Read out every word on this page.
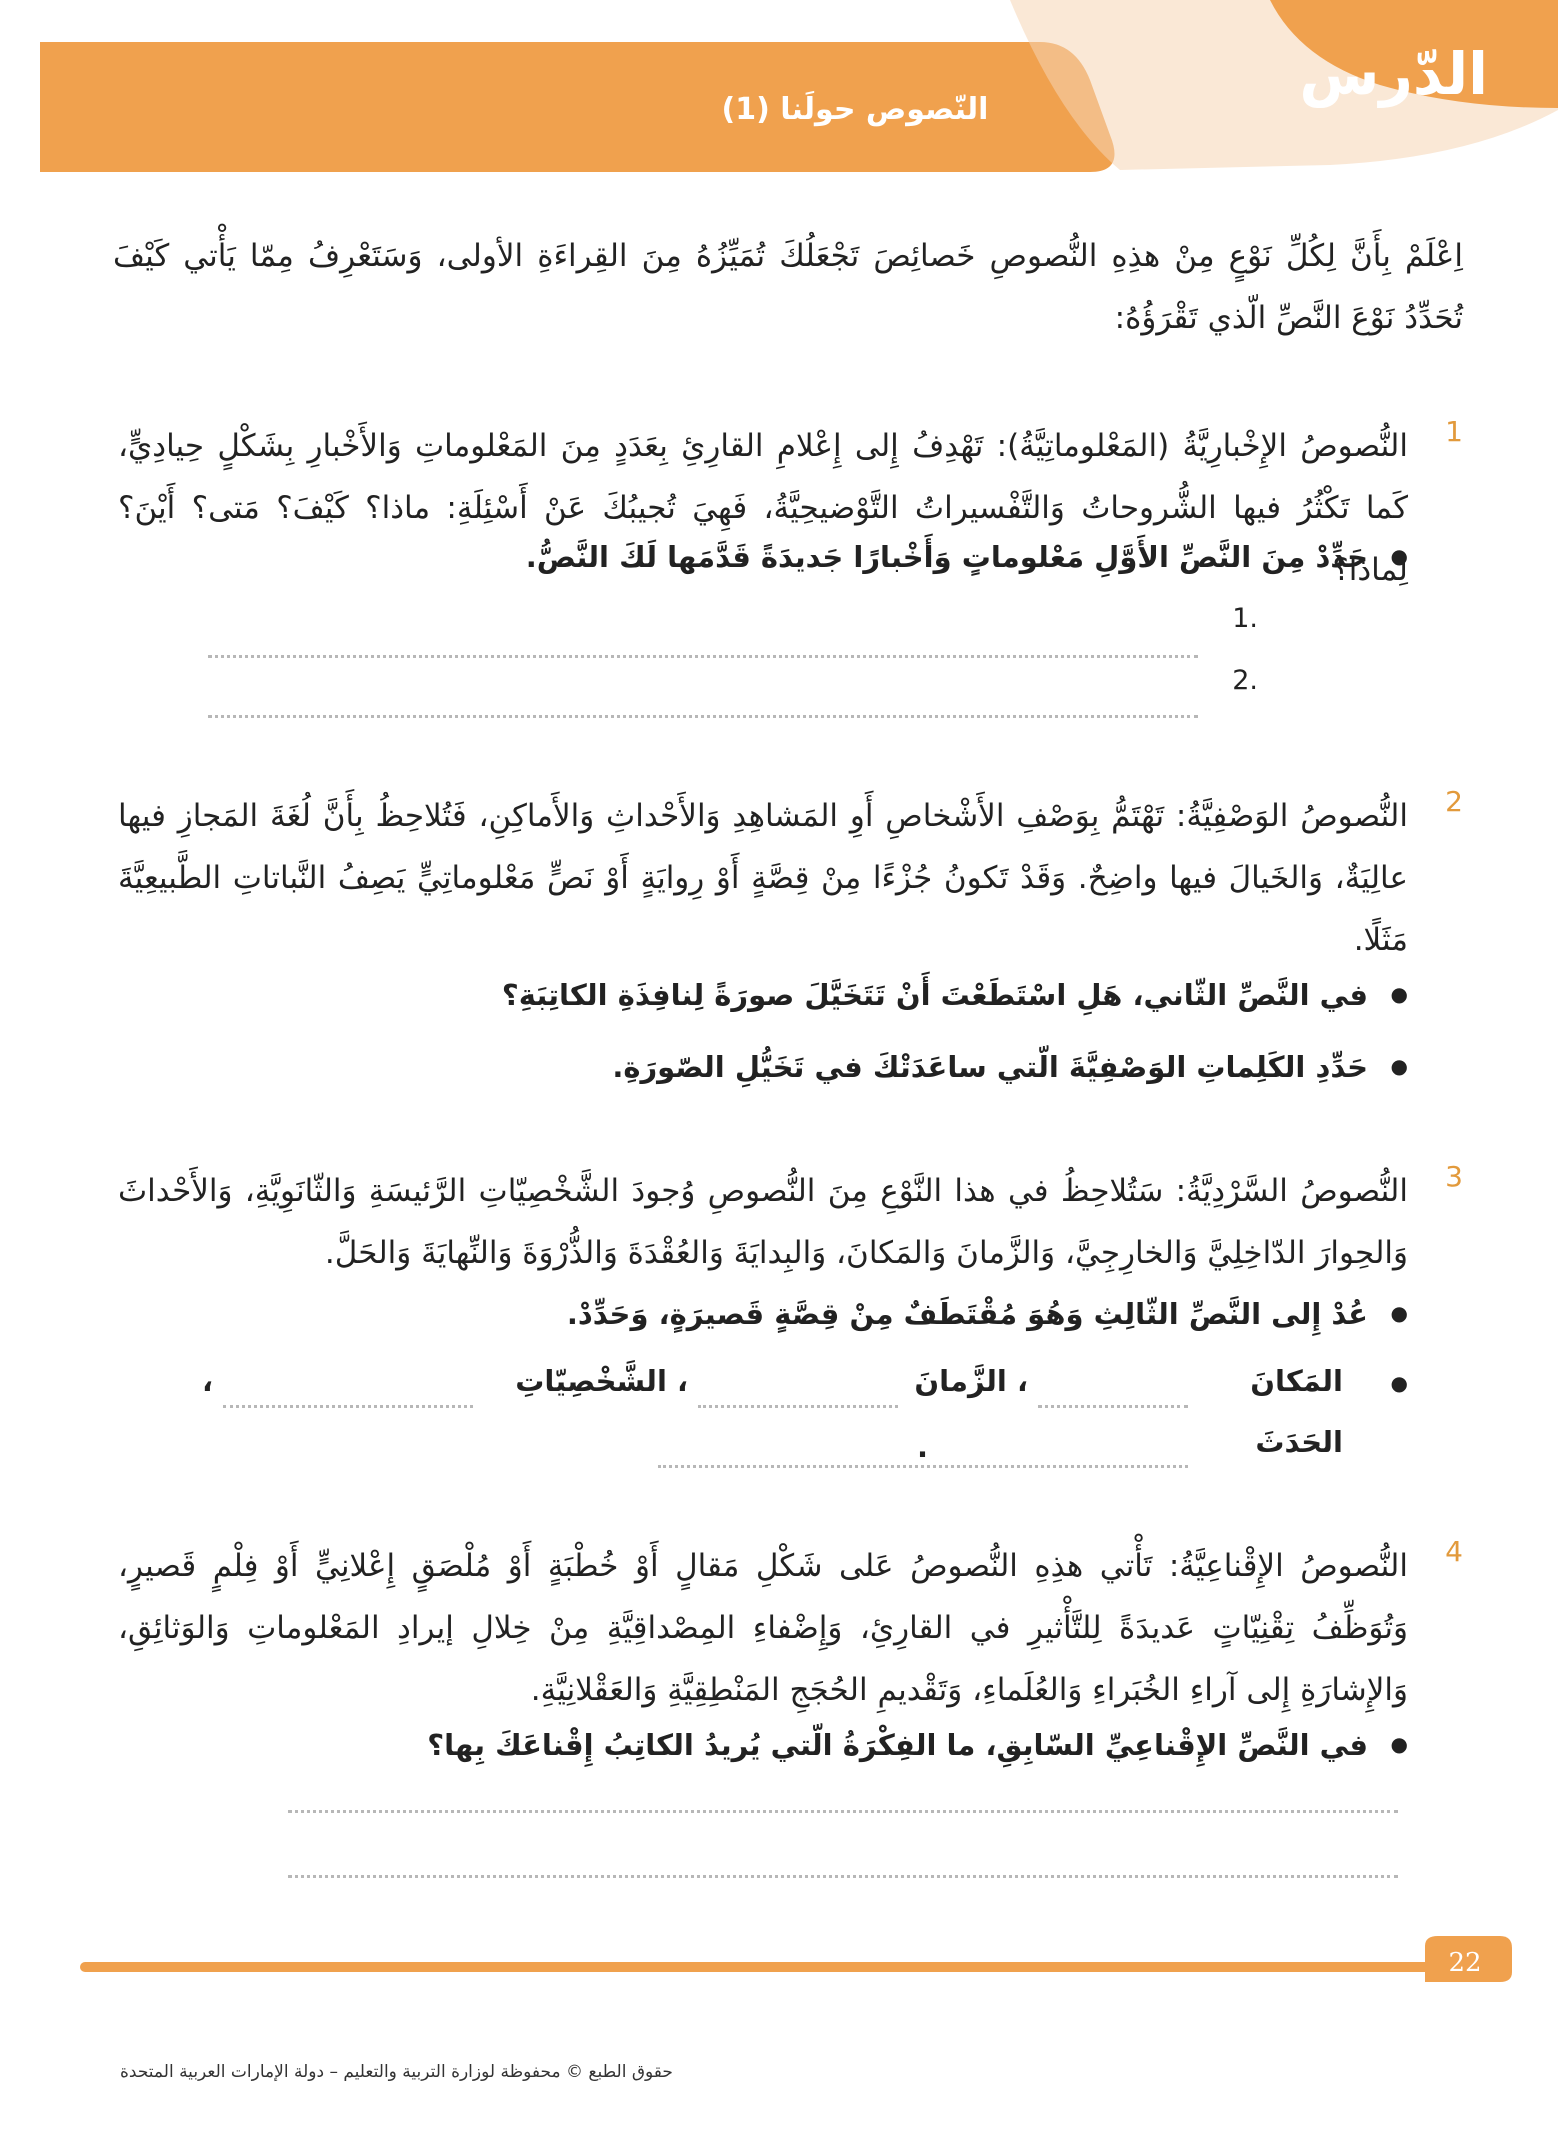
الدّرس
النّصوص حولَنا (1)

اِعْلَمْ بِأَنَّ لِكُلِّ نَوْعٍ مِنْ هذِهِ النُّصوصِ خَصائِصَ تَجْعَلُكَ تُمَيِّزُهُ مِنَ القِراءَةِ الأولى، وَسَتَعْرِفُ مِمّا يَأْتي كَيْفَ تُحَدِّدُ نَوْعَ النَّصِّ الّذي تَقْرَؤُهُ:

1

النُّصوصُ الإِخْبارِيَّةُ (المَعْلوماتِيَّةُ): تَهْدِفُ إِلى إِعْلامِ القارِئِ بِعَدَدٍ مِنَ المَعْلوماتِ وَالأَخْبارِ بِشَكْلٍ حِيادِيٍّ، كَما تَكْثُرُ فيها الشُّروحاتُ وَالتَّفْسيراتُ التَّوْضيحِيَّةُ، فَهِيَ تُجيبُكَ عَنْ أَسْئِلَةِ: ماذا؟ كَيْفَ؟ مَتى؟ أَيْنَ؟ لِماذا؟

● حَدِّدْ مِنَ النَّصِّ الأَوَّلِ مَعْلوماتٍ وَأَخْبارًا جَديدَةً قَدَّمَها لَكَ النَّصُّ.
.1
.2
2

النُّصوصُ الوَصْفِيَّةُ: تَهْتَمُّ بِوَصْفِ الأَشْخاصِ أَوِ المَشاهِدِ وَالأَحْداثِ وَالأَماكِنِ، فَتُلاحِظُ بِأَنَّ لُغَةَ المَجازِ فيها عالِيَةٌ، وَالخَيالَ فيها واضِحٌ. وَقَدْ تَكونُ جُزْءًا مِنْ قِصَّةٍ أَوْ رِوايَةٍ أَوْ نَصٍّ مَعْلوماتِيٍّ يَصِفُ النَّباتاتِ الطَّبيعِيَّةَ مَثَلًا.

● في النَّصِّ الثّاني، هَلِ اسْتَطَعْتَ أَنْ تَتَخَيَّلَ صورَةً لِنافِذَةِ الكاتِبَةِ؟
● حَدِّدِ الكَلِماتِ الوَصْفِيَّةَ الّتي ساعَدَتْكَ في تَخَيُّلِ الصّورَةِ.
3

النُّصوصُ السَّرْدِيَّةُ: سَتُلاحِظُ في هذا النَّوْعِ مِنَ النُّصوصِ وُجودَ الشَّخْصِيّاتِ الرَّئيسَةِ وَالثّانَوِيَّةِ، وَالأَحْداثَ وَالحِوارَ الدّاخِلِيَّ وَالخارِجِيَّ، وَالزَّمانَ وَالمَكانَ، وَالبِدايَةَ وَالعُقْدَةَ وَالذُّرْوَةَ وَالنِّهايَةَ وَالحَلَّ.

● عُدْ إِلى النَّصِّ الثّالِثِ وَهُوَ مُقْتَطَفٌ مِنْ قِصَّةٍ قَصيرَةٍ، وَحَدِّدْ.
●
المَكانَ
، الزَّمانَ
، الشَّخْصِيّاتِ
،
الحَدَثَ
.
4

النُّصوصُ الإِقْناعِيَّةُ: تَأْتي هذِهِ النُّصوصُ عَلى شَكْلِ مَقالٍ أَوْ خُطْبَةٍ أَوْ مُلْصَقٍ إِعْلانِيٍّ أَوْ فِلْمٍ قَصيرٍ، وَتُوَظِّفُ تِقْنِيّاتٍ عَديدَةً لِلتَّأْثيرِ في القارِئِ، وَإِضْفاءِ المِصْداقِيَّةِ مِنْ خِلالِ إيرادِ المَعْلوماتِ وَالوَثائِقِ، وَالإِشارَةِ إِلى آراءِ الخُبَراءِ وَالعُلَماءِ، وَتَقْديمِ الحُجَجِ المَنْطِقِيَّةِ وَالعَقْلانِيَّةِ.

● في النَّصِّ الإِقْناعِيِّ السّابِقِ، ما الفِكْرَةُ الّتي يُريدُ الكاتِبُ إِقْناعَكَ بِها؟
22
حقوق الطبع © محفوظة لوزارة التربية والتعليم – دولة الإمارات العربية المتحدة
